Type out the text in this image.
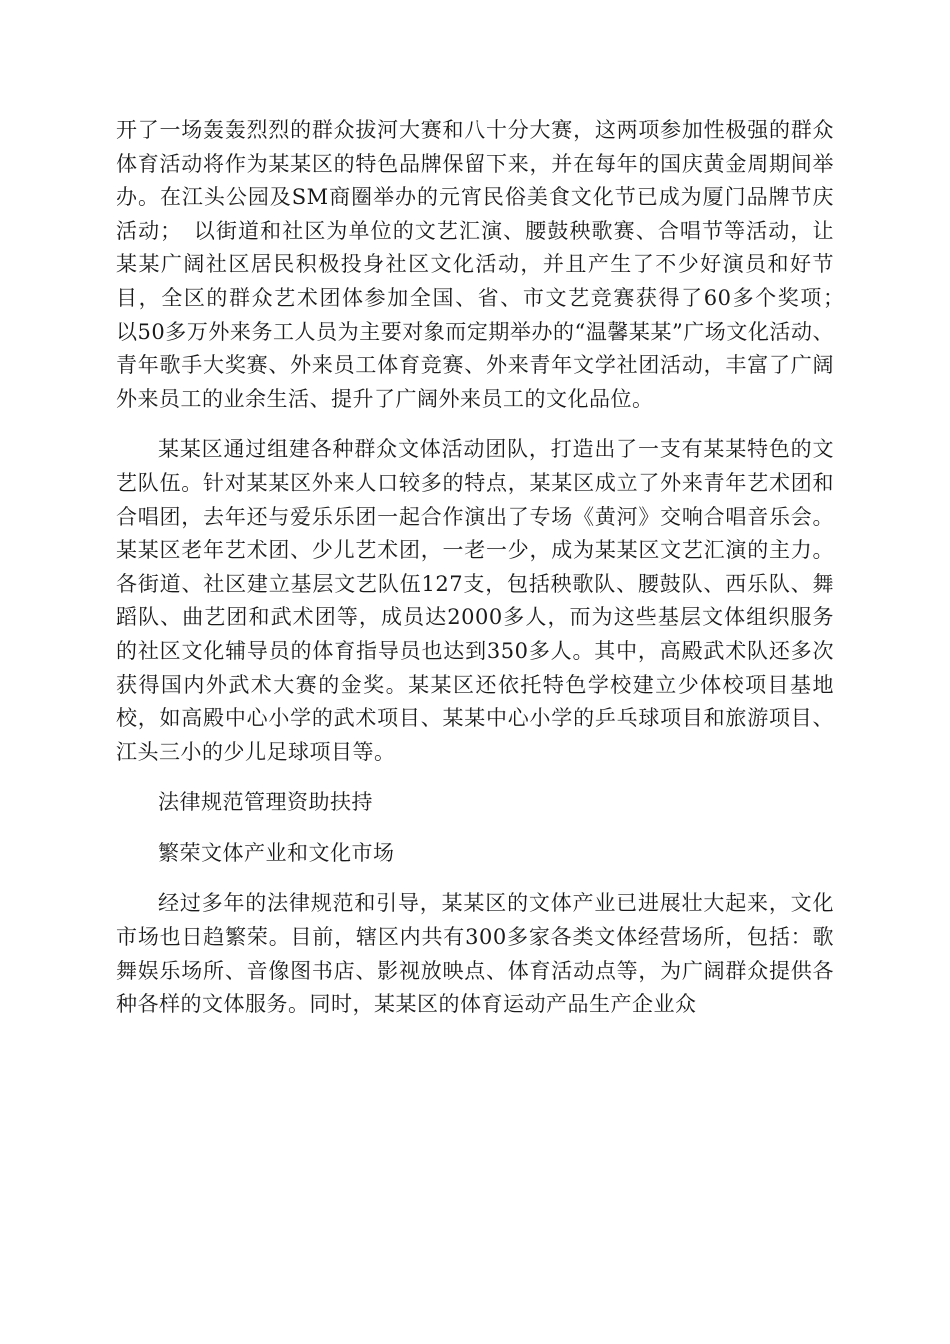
开了一场轰轰烈烈的群众拔河大赛和八十分大赛，这两项参加性极强的群众体育活动将作为某某区的特色品牌保留下来，并在每年的国庆黄金周期间举办。在江头公园及SM商圈举办的元宵民俗美食文化节已成为厦门品牌节庆活动；　以街道和社区为单位的文艺汇演、腰鼓秧歌赛、合唱节等活动，让某某广阔社区居民积极投身社区文化活动，并且产生了不少好演员和好节目，全区的群众艺术团体参加全国、省、市文艺竞赛获得了60多个奖项；　以50多万外来务工人员为主要对象而定期举办的“温馨某某”广场文化活动、青年歌手大奖赛、外来员工体育竞赛、外来青年文学社团活动，丰富了广阔外来员工的业余生活、提升了广阔外来员工的文化品位。

某某区通过组建各种群众文体活动团队，打造出了一支有某某特色的文艺队伍。针对某某区外来人口较多的特点，某某区成立了外来青年艺术团和合唱团，去年还与爱乐乐团一起合作演出了专场《黄河》交响合唱音乐会。某某区老年艺术团、少儿艺术团，一老一少，成为某某区文艺汇演的主力。各街道、社区建立基层文艺队伍127支，包括秧歌队、腰鼓队、西乐队、舞蹈队、曲艺团和武术团等，成员达2000多人，而为这些基层文体组织服务的社区文化辅导员的体育指导员也达到350多人。其中，高殿武术队还多次获得国内外武术大赛的金奖。某某区还依托特色学校建立少体校项目基地校，如高殿中心小学的武术项目、某某中心小学的乒乓球项目和旅游项目、江头三小的少儿足球项目等。

法律规范管理资助扶持

繁荣文体产业和文化市场

经过多年的法律规范和引导，某某区的文体产业已进展壮大起来，文化市场也日趋繁荣。目前，辖区内共有300多家各类文体经营场所，包括：歌舞娱乐场所、音像图书店、影视放映点、体育活动点等，为广阔群众提供各种各样的文体服务。同时，某某区的体育运动产品生产企业众
